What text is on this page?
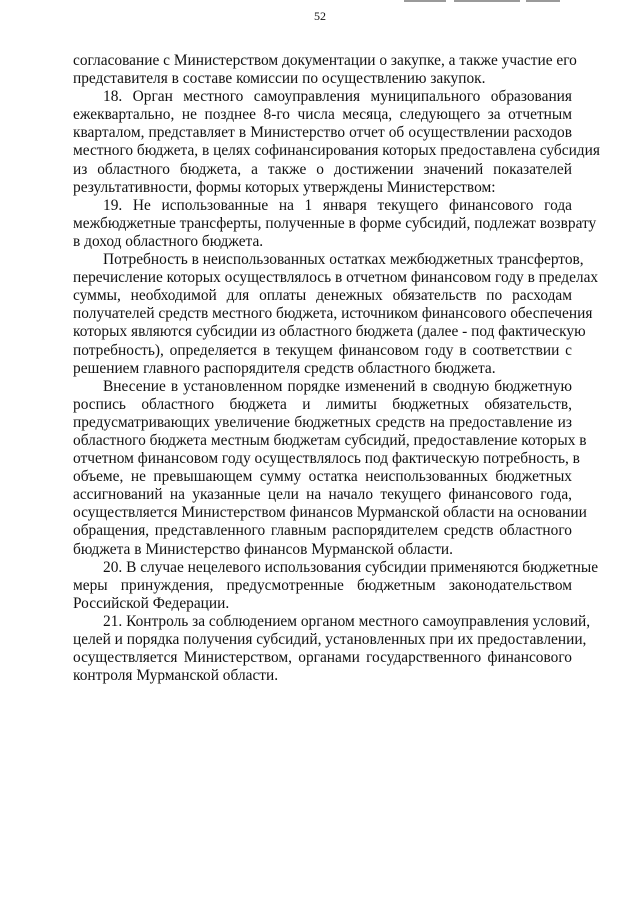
52
согласование с Министерством документации о закупке, а также участие его
представителя в составе комиссии по осуществлению закупок.
18. Орган местного самоуправления муниципального образования
ежеквартально, не позднее 8-го числа месяца, следующего за отчетным
кварталом, представляет в Министерство отчет об осуществлении расходов
местного бюджета, в целях софинансирования которых предоставлена субсидия
из областного бюджета, а также о достижении значений показателей
результативности, формы которых утверждены Министерством:
19. Не использованные на 1 января текущего финансового года
межбюджетные трансферты, полученные в форме субсидий, подлежат возврату
в доход областного бюджета.
Потребность в неиспользованных остатках межбюджетных трансфертов,
перечисление которых осуществлялось в отчетном финансовом году в пределах
суммы, необходимой для оплаты денежных обязательств по расходам
получателей средств местного бюджета, источником финансового обеспечения
которых являются субсидии из областного бюджета (далее - под фактическую
потребность), определяется в текущем финансовом году в соответствии с
решением главного распорядителя средств областного бюджета.
Внесение в установленном порядке изменений в сводную бюджетную
роспись областного бюджета и лимиты бюджетных обязательств,
предусматривающих увеличение бюджетных средств на предоставление из
областного бюджета местным бюджетам субсидий, предоставление которых в
отчетном финансовом году осуществлялось под фактическую потребность, в
объеме, не превышающем сумму остатка неиспользованных бюджетных
ассигнований на указанные цели на начало текущего финансового года,
осуществляется Министерством финансов Мурманской области на основании
обращения, представленного главным распорядителем средств областного
бюджета в Министерство финансов Мурманской области.
20. В случае нецелевого использования субсидии применяются бюджетные
меры принуждения, предусмотренные бюджетным законодательством
Российской Федерации.
21. Контроль за соблюдением органом местного самоуправления условий,
целей и порядка получения субсидий, установленных при их предоставлении,
осуществляется Министерством, органами государственного финансового
контроля Мурманской области.
